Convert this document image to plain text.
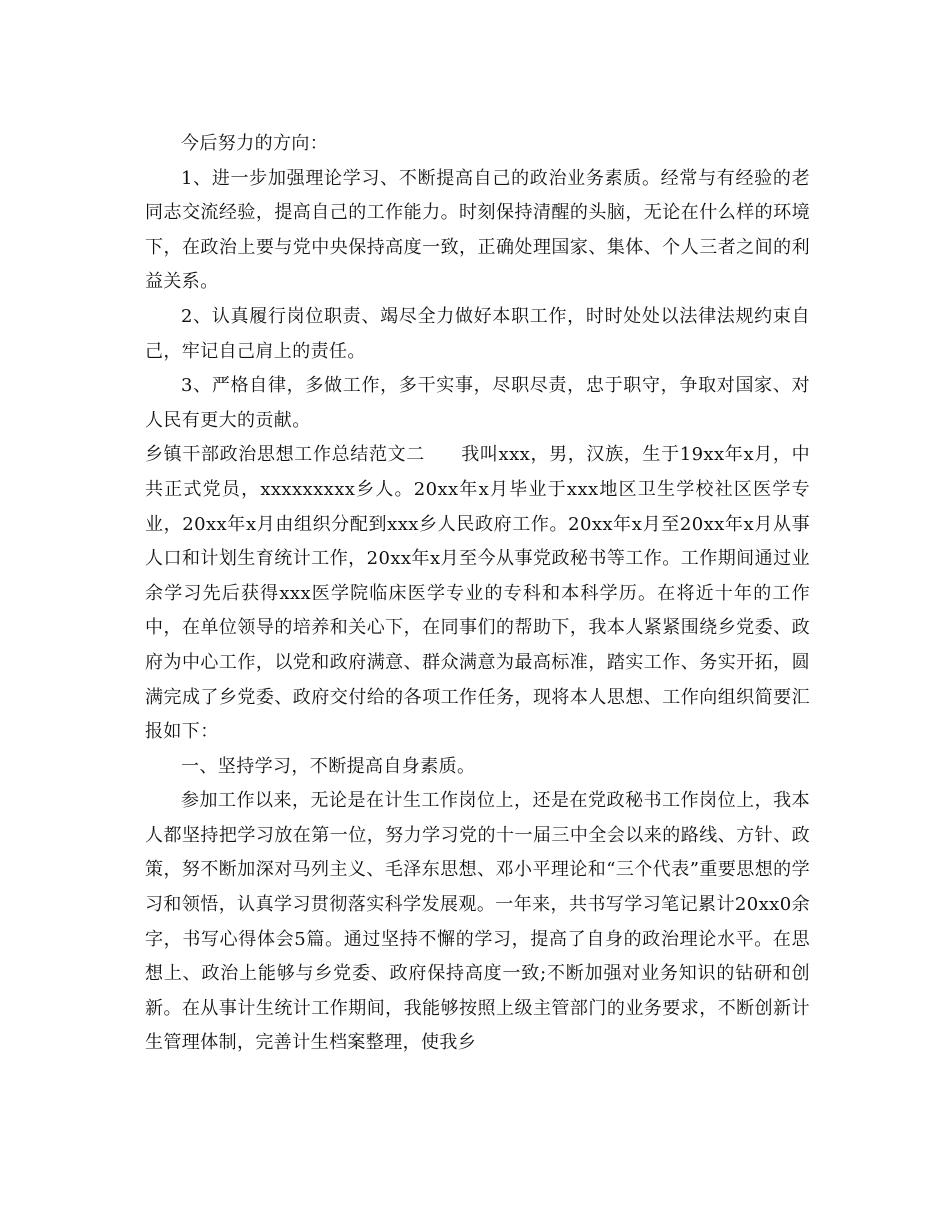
今后努力的方向：

1、进一步加强理论学习、不断提高自己的政治业务素质。经常与有经验的老同志交流经验，提高自己的工作能力。时刻保持清醒的头脑，无论在什么样的环境下，在政治上要与党中央保持高度一致，正确处理国家、集体、个人三者之间的利益关系。

2、认真履行岗位职责、竭尽全力做好本职工作，时时处处以法律法规约束自己，牢记自己肩上的责任。

3、严格自律，多做工作，多干实事，尽职尽责，忠于职守，争取对国家、对人民有更大的贡献。

乡镇干部政治思想工作总结范文二 我叫xxx，男，汉族，生于19xx年x月，中共正式党员，xxxxxxxxx乡人。20xx年x月毕业于xxx地区卫生学校社区医学专业，20xx年x月由组织分配到xxx乡人民政府工作。20xx年x月至20xx年x月从事人口和计划生育统计工作，20xx年x月至今从事党政秘书等工作。工作期间通过业余学习先后获得xxx医学院临床医学专业的专科和本科学历。在将近十年的工作中，在单位领导的培养和关心下，在同事们的帮助下，我本人紧紧围绕乡党委、政府为中心工作，以党和政府满意、群众满意为最高标准，踏实工作、务实开拓，圆满完成了乡党委、政府交付给的各项工作任务，现将本人思想、工作向组织简要汇报如下：

一、坚持学习，不断提高自身素质。

参加工作以来，无论是在计生工作岗位上，还是在党政秘书工作岗位上，我本人都坚持把学习放在第一位，努力学习党的十一届三中全会以来的路线、方针、政策，努不断加深对马列主义、毛泽东思想、邓小平理论和“三个代表”重要思想的学习和领悟，认真学习贯彻落实科学发展观。一年来，共书写学习笔记累计20xx0余字，书写心得体会5篇。通过坚持不懈的学习，提高了自身的政治理论水平。在思想上、政治上能够与乡党委、政府保持高度一致;不断加强对业务知识的钻研和创新。在从事计生统计工作期间，我能够按照上级主管部门的业务要求，不断创新计生管理体制，完善计生档案整理，使我乡
